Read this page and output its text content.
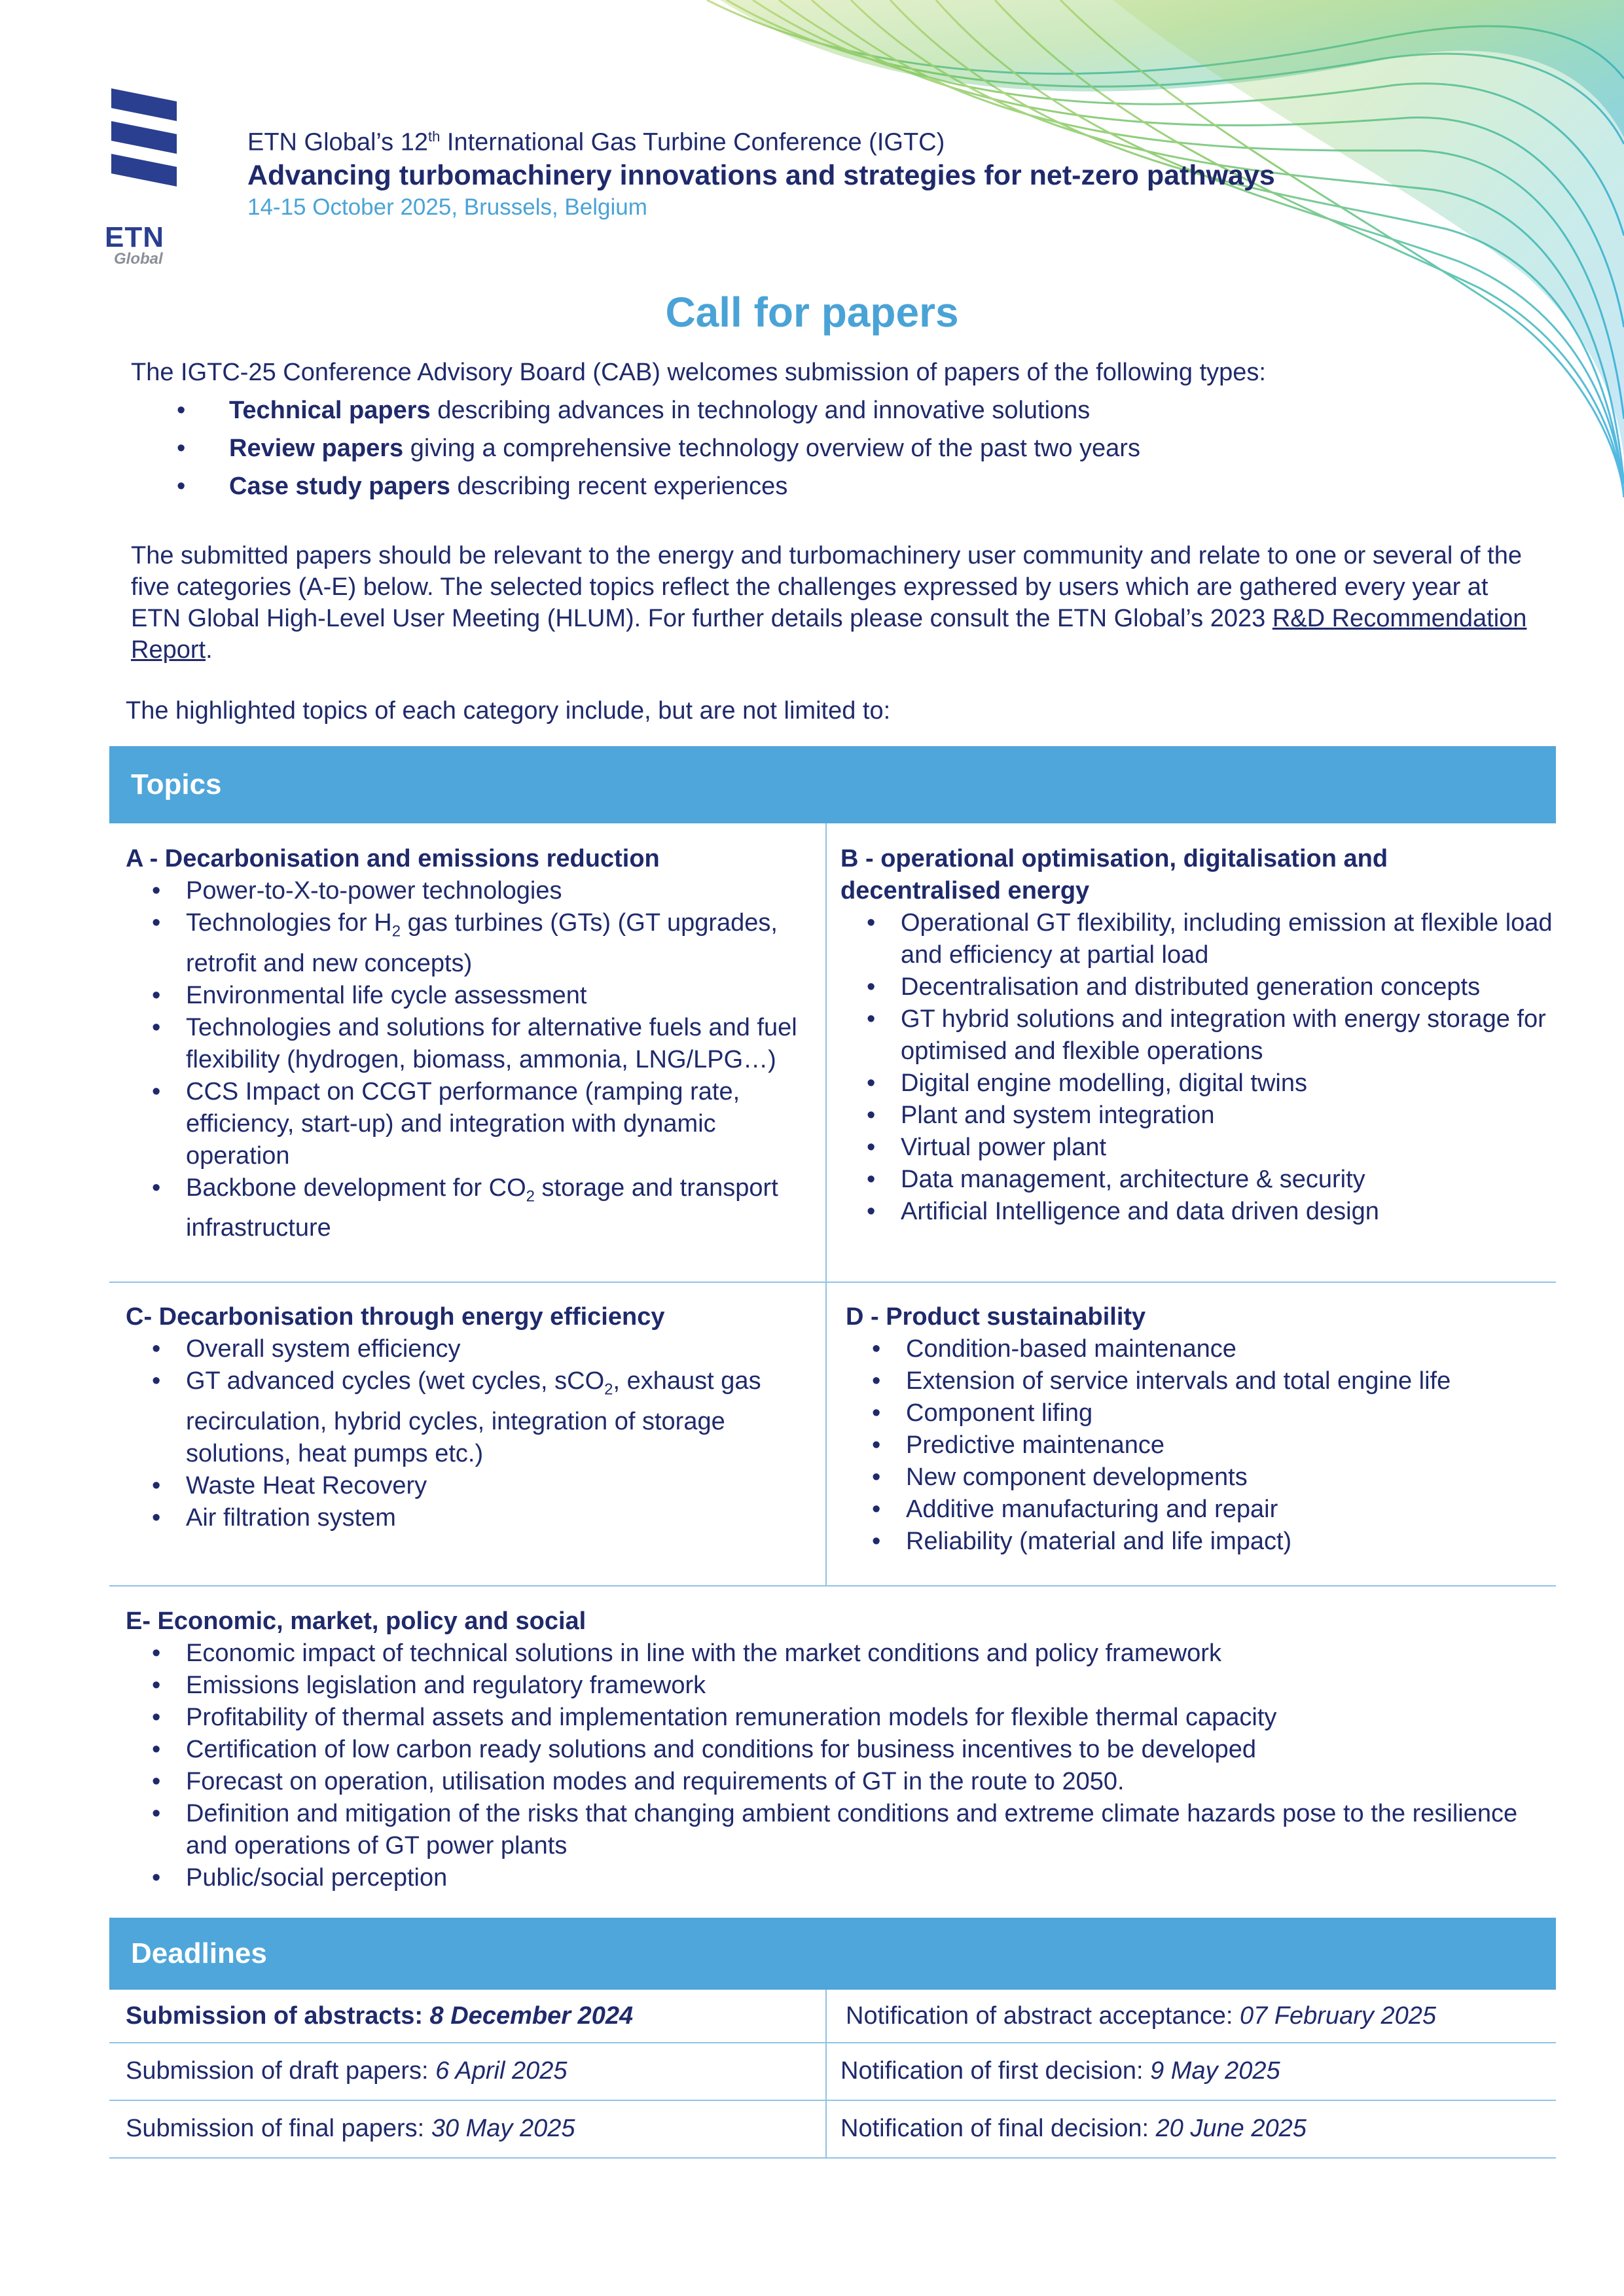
ETN
Global
ETN Global’s 12th International Gas Turbine Conference (IGTC)
Advancing turbomachinery innovations and strategies for net-zero pathways
14-15 October 2025, Brussels, Belgium
Call for papers
The IGTC-25 Conference Advisory Board (CAB) welcomes submission of papers of the following types:
• Technical papers describing advances in technology and innovative solutions
• Review papers giving a comprehensive technology overview of the past two years
• Case study papers describing recent experiences
The submitted papers should be relevant to the energy and turbomachinery user community and relate to one or several of the five categories (A-E) below. The selected topics reflect the challenges expressed by users which are gathered every year at ETN Global High-Level User Meeting (HLUM). For further details please consult the ETN Global’s 2023 R&D Recommendation Report.
The highlighted topics of each category include, but are not limited to:
Topics
A - Decarbonisation and emissions reduction
• Power-to-X-to-power technologies
• Technologies for $H_2$ gas turbines (GTs) (GT upgrades, retrofit and new concepts)
• Environmental life cycle assessment
• Technologies and solutions for alternative fuels and fuel flexibility (hydrogen, biomass, ammonia, LNG/LPG…)
• CCS Impact on CCGT performance (ramping rate, efficiency, start-up) and integration with dynamic operation
• Backbone development for $CO_2$ storage and transport infrastructure
B - operational optimisation, digitalisation and decentralised energy
• Operational GT flexibility, including emission at flexible load and efficiency at partial load
• Decentralisation and distributed generation concepts
• GT hybrid solutions and integration with energy storage for optimised and flexible operations
• Digital engine modelling, digital twins
• Plant and system integration
• Virtual power plant
• Data management, architecture & security
• Artificial Intelligence and data driven design
C- Decarbonisation through energy efficiency
• Overall system efficiency
• GT advanced cycles (wet cycles, sCO$_2$, exhaust gas recirculation, hybrid cycles, integration of storage solutions, heat pumps etc.)
• Waste Heat Recovery
• Air filtration system
D - Product sustainability
• Condition-based maintenance
• Extension of service intervals and total engine life
• Component lifing
• Predictive maintenance
• New component developments
• Additive manufacturing and repair
• Reliability (material and life impact)
E- Economic, market, policy and social
• Economic impact of technical solutions in line with the market conditions and policy framework
• Emissions legislation and regulatory framework
• Profitability of thermal assets and implementation remuneration models for flexible thermal capacity
• Certification of low carbon ready solutions and conditions for business incentives to be developed
• Forecast on operation, utilisation modes and requirements of GT in the route to 2050.
• Definition and mitigation of the risks that changing ambient conditions and extreme climate hazards pose to the resilience and operations of GT power plants
• Public/social perception
Deadlines
Submission of abstracts: 8 December 2024	Notification of abstract acceptance: 07 February 2025
Submission of draft papers: 6 April 2025	Notification of first decision: 9 May 2025
Submission of final papers: 30 May 2025	Notification of final decision: 20 June 2025
